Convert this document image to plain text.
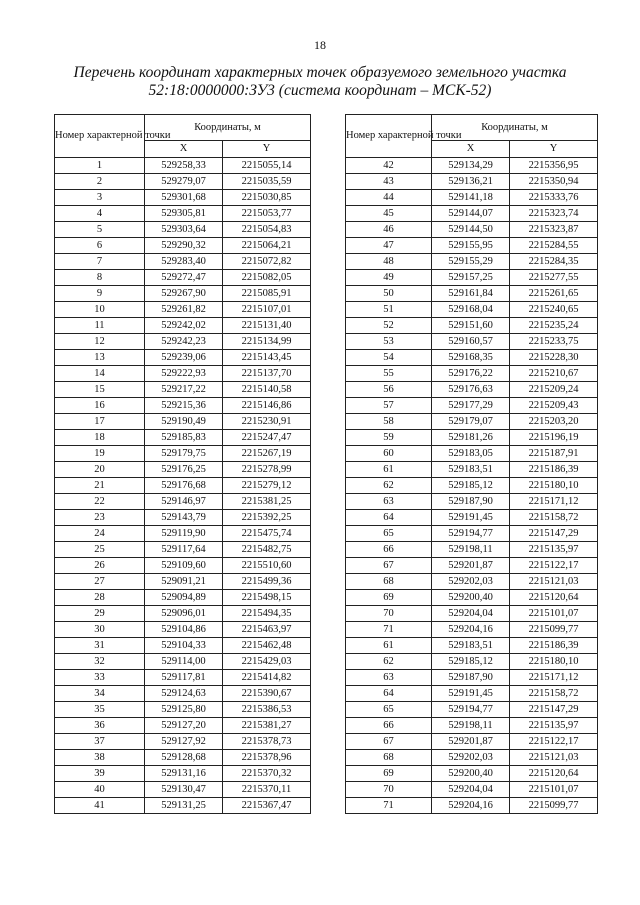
18
Перечень координат характерных точек образуемого земельного участка
52:18:0000000:ЗУ3 (система координат – МСК-52)
Номер характерной точки	Координаты, м	
	X	Y
1	529258,33	2215055,14
2	529279,07	2215035,59
3	529301,68	2215030,85
4	529305,81	2215053,77
5	529303,64	2215054,83
6	529290,32	2215064,21
7	529283,40	2215072,82
8	529272,47	2215082,05
9	529267,90	2215085,91
10	529261,82	2215107,01
11	529242,02	2215131,40
12	529242,23	2215134,99
13	529239,06	2215143,45
14	529222,93	2215137,70
15	529217,22	2215140,58
16	529215,36	2215146,86
17	529190,49	2215230,91
18	529185,83	2215247,47
19	529179,75	2215267,19
20	529176,25	2215278,99
21	529176,68	2215279,12
22	529146,97	2215381,25
23	529143,79	2215392,25
24	529119,90	2215475,74
25	529117,64	2215482,75
26	529109,60	2215510,60
27	529091,21	2215499,36
28	529094,89	2215498,15
29	529096,01	2215494,35
30	529104,86	2215463,97
31	529104,33	2215462,48
32	529114,00	2215429,03
33	529117,81	2215414,82
34	529124,63	2215390,67
35	529125,80	2215386,53
36	529127,20	2215381,27
37	529127,92	2215378,73
38	529128,68	2215378,96
39	529131,16	2215370,32
40	529130,47	2215370,11
41	529131,25	2215367,47
Номер характерной точки	Координаты, м	
	X	Y
42	529134,29	2215356,95
43	529136,21	2215350,94
44	529141,18	2215333,76
45	529144,07	2215323,74
46	529144,50	2215323,87
47	529155,95	2215284,55
48	529155,29	2215284,35
49	529157,25	2215277,55
50	529161,84	2215261,65
51	529168,04	2215240,65
52	529151,60	2215235,24
53	529160,57	2215233,75
54	529168,35	2215228,30
55	529176,22	2215210,67
56	529176,63	2215209,24
57	529177,29	2215209,43
58	529179,07	2215203,20
59	529181,26	2215196,19
60	529183,05	2215187,91
61	529183,51	2215186,39
62	529185,12	2215180,10
63	529187,90	2215171,12
64	529191,45	2215158,72
65	529194,77	2215147,29
66	529198,11	2215135,97
67	529201,87	2215122,17
68	529202,03	2215121,03
69	529200,40	2215120,64
70	529204,04	2215101,07
71	529204,16	2215099,77
61	529183,51	2215186,39
62	529185,12	2215180,10
63	529187,90	2215171,12
64	529191,45	2215158,72
65	529194,77	2215147,29
66	529198,11	2215135,97
67	529201,87	2215122,17
68	529202,03	2215121,03
69	529200,40	2215120,64
70	529204,04	2215101,07
71	529204,16	2215099,77
